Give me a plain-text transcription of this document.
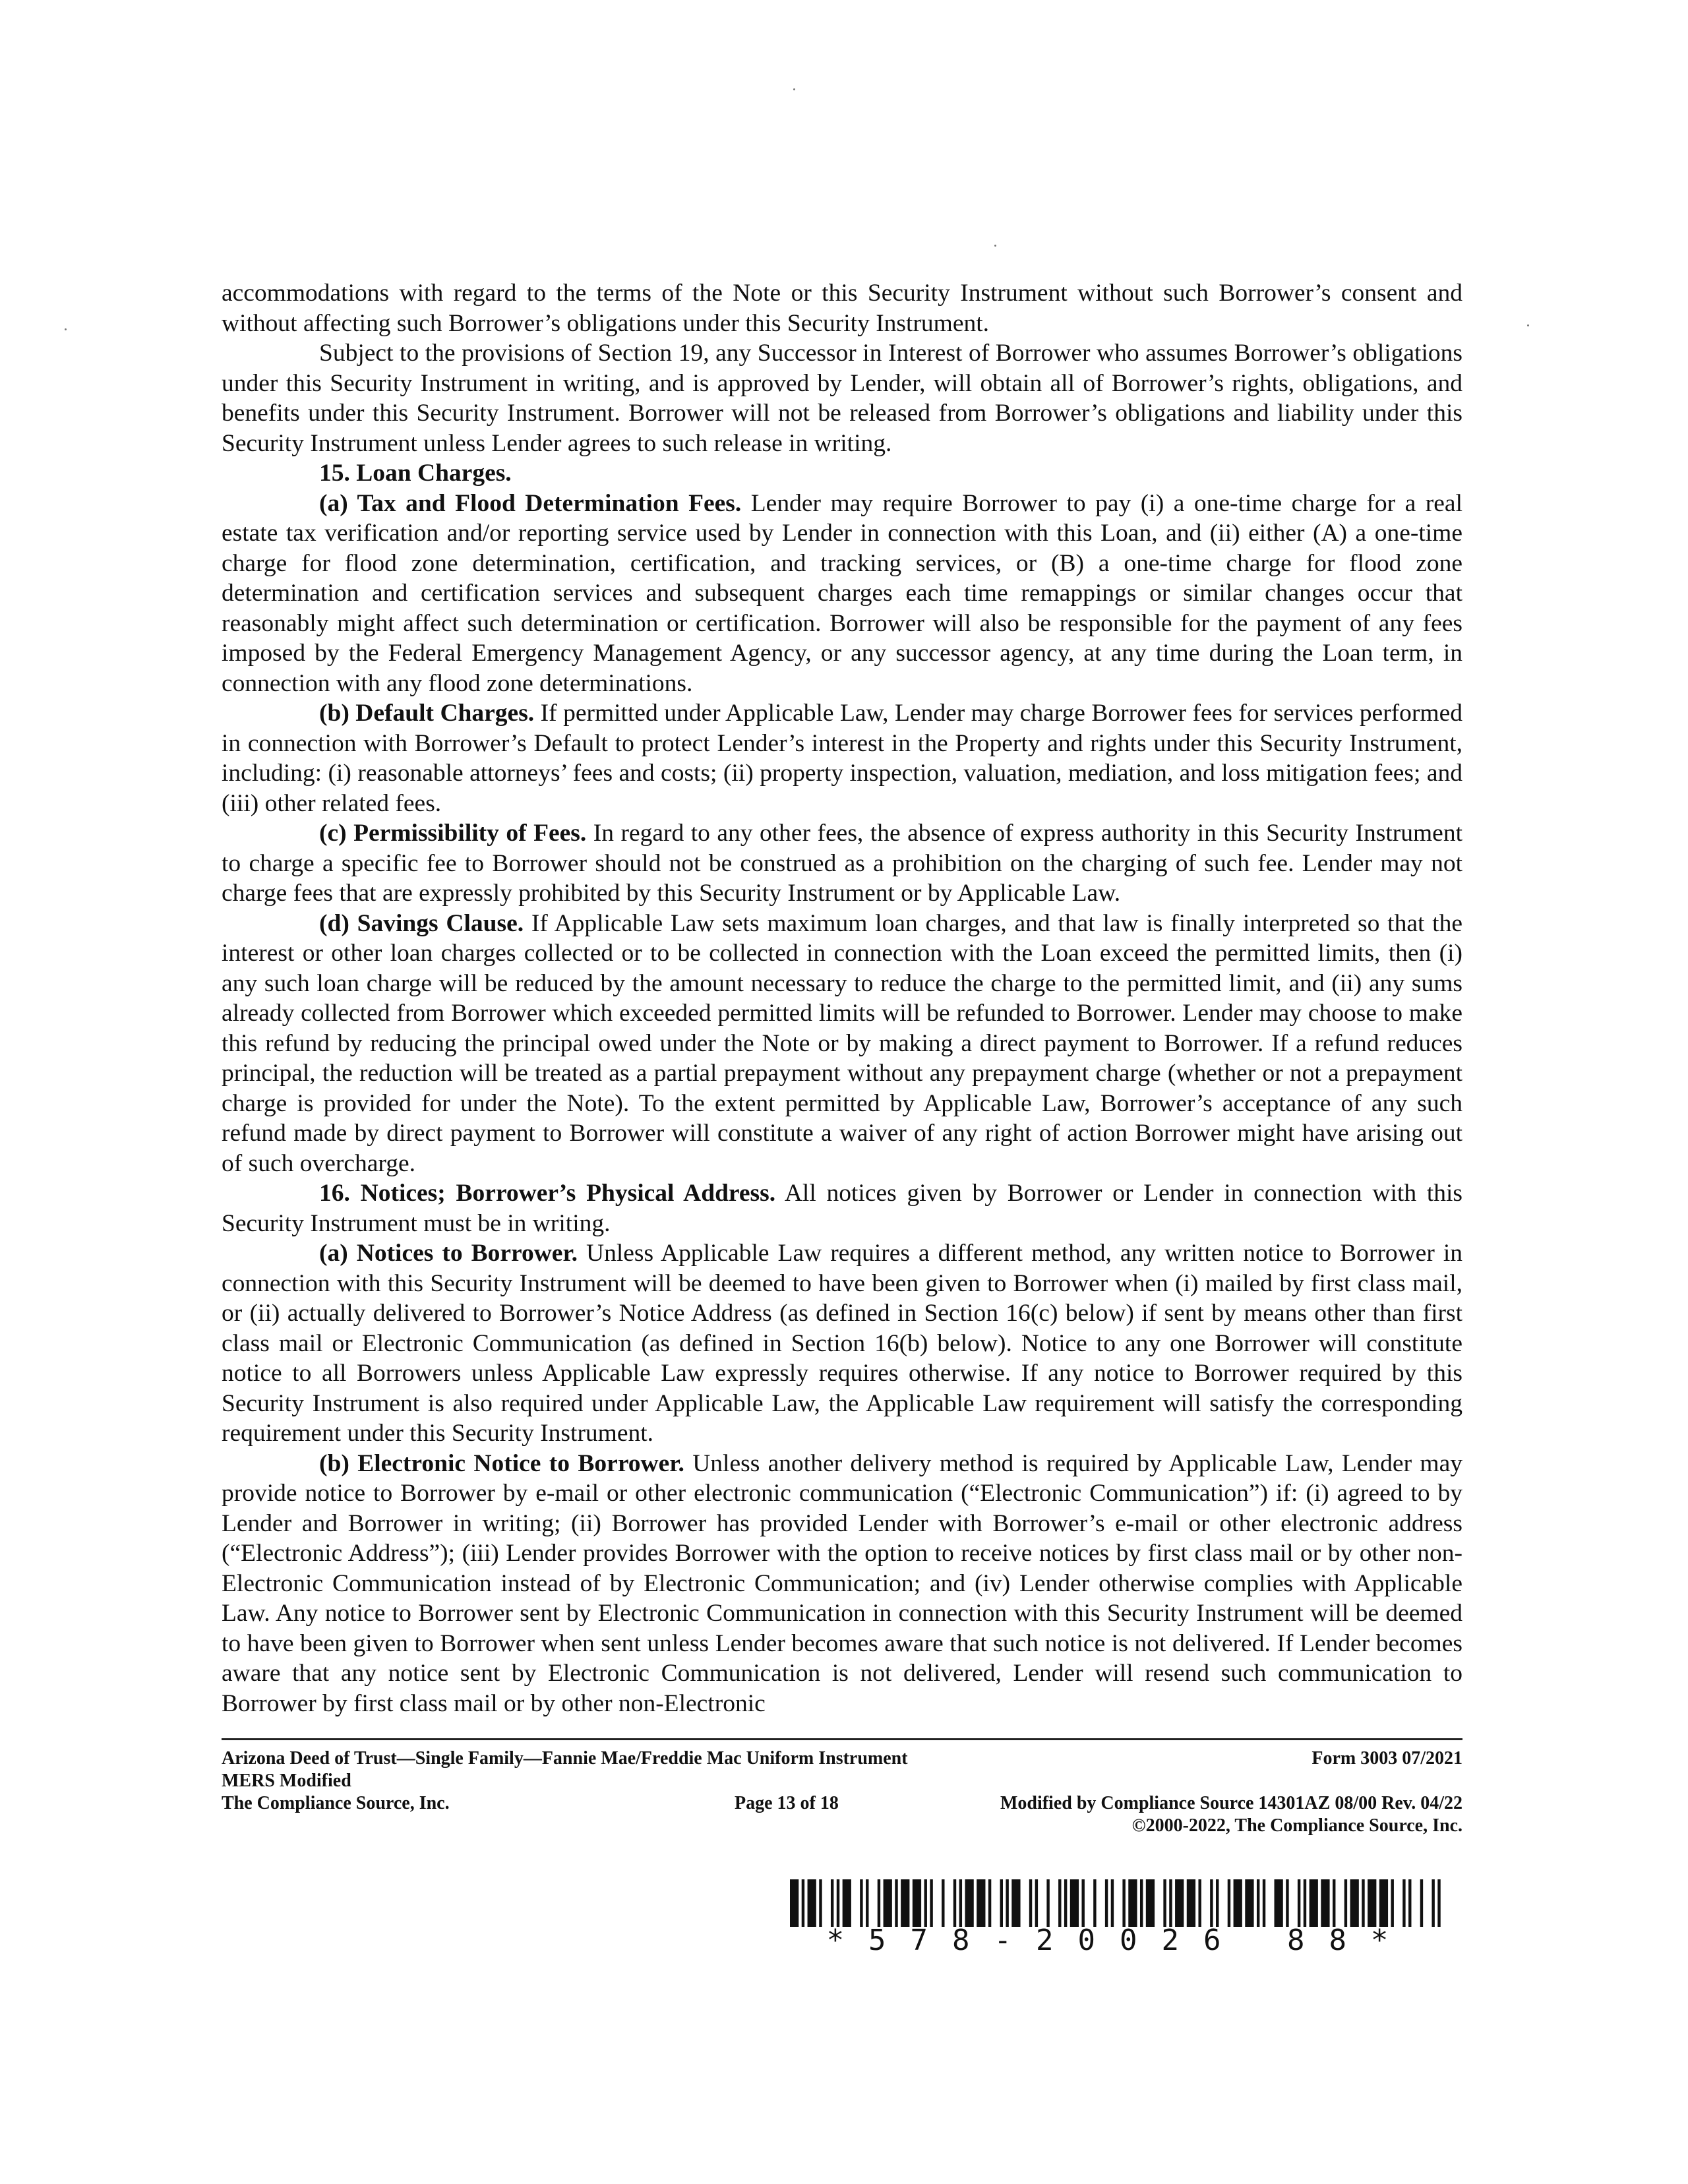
accommodations with regard to the terms of the Note or this Security Instrument without such Borrower’s consent and without affecting such Borrower’s obligations under this Security Instrument.

Subject to the provisions of Section 19, any Successor in Interest of Borrower who assumes Borrower’s obligations under this Security Instrument in writing, and is approved by Lender, will obtain all of Borrower’s rights, obligations, and benefits under this Security Instrument. Borrower will not be released from Borrower’s obligations and liability under this Security Instrument unless Lender agrees to such release in writing.

15. Loan Charges.

(a) Tax and Flood Determination Fees. Lender may require Borrower to pay (i) a one-time charge for a real estate tax verification and/or reporting service used by Lender in connection with this Loan, and (ii) either (A) a one-time charge for flood zone determination, certification, and tracking services, or (B) a one-time charge for flood zone determination and certification services and subsequent charges each time remappings or similar changes occur that reasonably might affect such determination or certification. Borrower will also be responsible for the payment of any fees imposed by the Federal Emergency Management Agency, or any successor agency, at any time during the Loan term, in connection with any flood zone determinations.

(b) Default Charges. If permitted under Applicable Law, Lender may charge Borrower fees for services performed in connection with Borrower’s Default to protect Lender’s interest in the Property and rights under this Security Instrument, including: (i) reasonable attorneys’ fees and costs; (ii) property inspection, valuation, mediation, and loss mitigation fees; and (iii) other related fees.

(c) Permissibility of Fees. In regard to any other fees, the absence of express authority in this Security Instrument to charge a specific fee to Borrower should not be construed as a prohibition on the charging of such fee. Lender may not charge fees that are expressly prohibited by this Security Instrument or by Applicable Law.

(d) Savings Clause. If Applicable Law sets maximum loan charges, and that law is finally interpreted so that the interest or other loan charges collected or to be collected in connection with the Loan exceed the permitted limits, then (i) any such loan charge will be reduced by the amount necessary to reduce the charge to the permitted limit, and (ii) any sums already collected from Borrower which exceeded permitted limits will be refunded to Borrower. Lender may choose to make this refund by reducing the principal owed under the Note or by making a direct payment to Borrower. If a refund reduces principal, the reduction will be treated as a partial prepayment without any prepayment charge (whether or not a prepayment charge is provided for under the Note). To the extent permitted by Applicable Law, Borrower’s acceptance of any such refund made by direct payment to Borrower will constitute a waiver of any right of action Borrower might have arising out of such overcharge.

16. Notices; Borrower’s Physical Address. All notices given by Borrower or Lender in connection with this Security Instrument must be in writing.

(a) Notices to Borrower. Unless Applicable Law requires a different method, any written notice to Borrower in connection with this Security Instrument will be deemed to have been given to Borrower when (i) mailed by first class mail, or (ii) actually delivered to Borrower’s Notice Address (as defined in Section 16(c) below) if sent by means other than first class mail or Electronic Communication (as defined in Section 16(b) below). Notice to any one Borrower will constitute notice to all Borrowers unless Applicable Law expressly requires otherwise. If any notice to Borrower required by this Security Instrument is also required under Applicable Law, the Applicable Law requirement will satisfy the corresponding requirement under this Security Instrument.

(b) Electronic Notice to Borrower. Unless another delivery method is required by Applicable Law, Lender may provide notice to Borrower by e-mail or other electronic communication (“Electronic Communication”) if: (i) agreed to by Lender and Borrower in writing; (ii) Borrower has provided Lender with Borrower’s e-mail or other electronic address (“Electronic Address”); (iii) Lender provides Borrower with the option to receive notices by first class mail or by other non-Electronic Communication instead of by Electronic Communication; and (iv) Lender otherwise complies with Applicable Law. Any notice to Borrower sent by Electronic Communication in connection with this Security Instrument will be deemed to have been given to Borrower when sent unless Lender becomes aware that such notice is not delivered. If Lender becomes aware that any notice sent by Electronic Communication is not delivered, Lender will resend such communication to Borrower by first class mail or by other non-Electronic

Arizona Deed of Trust—Single Family—Fannie Mae/Freddie Mac Uniform Instrument	Form 3003 07/2021
MERS Modified
The Compliance Source, Inc.	Page 13 of 18	Modified by Compliance Source 14301AZ 08/00 Rev. 04/22
©2000-2022, The Compliance Source, Inc.
*578-20026 88*
